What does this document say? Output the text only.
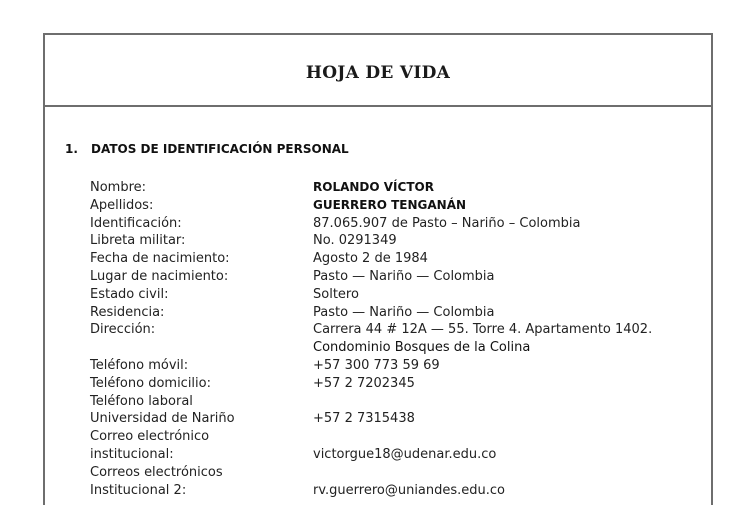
HOJA DE VIDA
1. DATOS DE IDENTIFICACIÓN PERSONAL
Nombre:	ROLANDO VÍCTOR
Apellidos:	GUERRERO TENGANÁN
Identificación:	87.065.907 de Pasto – Nariño – Colombia
Libreta militar:	No. 0291349
Fecha de nacimiento:	Agosto 2 de 1984
Lugar de nacimiento:	Pasto — Nariño — Colombia
Estado civil:	Soltero
Residencia:	Pasto — Nariño — Colombia
Dirección:	Carrera 44 # 12A — 55. Torre 4. Apartamento 1402.
Condominio Bosques de la Colina
Teléfono móvil:	+57 300 773 59 69
Teléfono domicilio:	+57 2 7202345
Teléfono laboral
Universidad de Nariño	+57 2 7315438
Correo electrónico
institucional:	victorgue18@udenar.edu.co
Correos electrónicos
Institucional 2:	rv.guerrero@uniandes.edu.co
